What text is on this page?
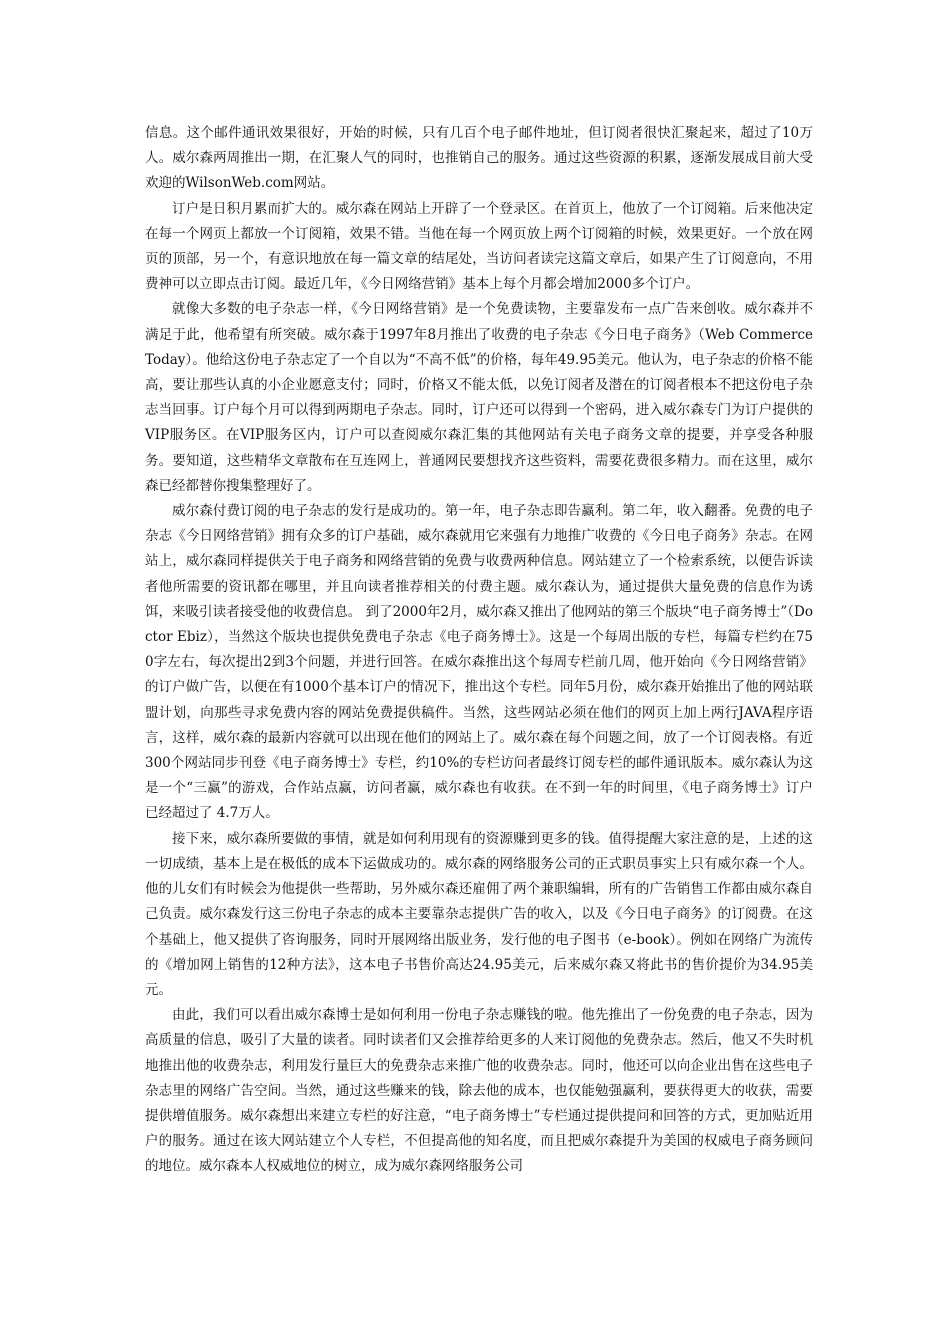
信息。这个邮件通讯效果很好，开始的时候，只有几百个电子邮件地址，但订阅者很快汇聚起来，超过了10万人。威尔森两周推出一期，在汇聚人气的同时，也推销自己的服务。通过这些资源的积累，逐渐发展成目前大受欢迎的WilsonWeb.com网站。

订户是日积月累而扩大的。威尔森在网站上开辟了一个登录区。在首页上，他放了一个订阅箱。后来他决定在每一个网页上都放一个订阅箱，效果不错。当他在每一个网页放上两个订阅箱的时候，效果更好。一个放在网页的顶部，另一个，有意识地放在每一篇文章的结尾处，当访问者读完这篇文章后，如果产生了订阅意向，不用费神可以立即点击订阅。最近几年，《今日网络营销》基本上每个月都会增加2000多个订户。

就像大多数的电子杂志一样，《今日网络营销》是一个免费读物，主要靠发布一点广告来创收。威尔森并不满足于此，他希望有所突破。威尔森于1997年8月推出了收费的电子杂志《今日电子商务》（Web Commerce Today）。他给这份电子杂志定了一个自以为“不高不低”的价格，每年49.95美元。他认为，电子杂志的价格不能高，要让那些认真的小企业愿意支付；同时，价格又不能太低，以免订阅者及潜在的订阅者根本不把这份电子杂志当回事。订户每个月可以得到两期电子杂志。同时，订户还可以得到一个密码，进入威尔森专门为订户提供的VIP服务区。在VIP服务区内，订户可以查阅威尔森汇集的其他网站有关电子商务文章的提要，并享受各种服务。要知道，这些精华文章散布在互连网上，普通网民要想找齐这些资料，需要花费很多精力。而在这里，威尔森已经都替你搜集整理好了。

威尔森付费订阅的电子杂志的发行是成功的。第一年，电子杂志即告赢利。第二年，收入翻番。免费的电子杂志《今日网络营销》拥有众多的订户基础，威尔森就用它来强有力地推广收费的《今日电子商务》杂志。在网站上，威尔森同样提供关于电子商务和网络营销的免费与收费两种信息。网站建立了一个检索系统，以便告诉读者他所需要的资讯都在哪里，并且向读者推荐相关的付费主题。威尔森认为，通过提供大量免费的信息作为诱饵，来吸引读者接受他的收费信息。 到了2000年2月，威尔森又推出了他网站的第三个版块“电子商务博士”（Doctor Ebiz），当然这个版块也提供免费电子杂志《电子商务博士》。这是一个每周出版的专栏，每篇专栏约在750字左右，每次提出2到3个问题，并进行回答。在威尔森推出这个每周专栏前几周，他开始向《今日网络营销》的订户做广告，以便在有1000个基本订户的情况下，推出这个专栏。同年5月份，威尔森开始推出了他的网站联盟计划，向那些寻求免费内容的网站免费提供稿件。当然，这些网站必须在他们的网页上加上两行JAVA程序语言，这样，威尔森的最新内容就可以出现在他们的网站上了。威尔森在每个问题之间，放了一个订阅表格。有近300个网站同步刊登《电子商务博士》专栏，约10%的专栏访问者最终订阅专栏的邮件通讯版本。威尔森认为这是一个“三赢”的游戏，合作站点赢，访问者赢，威尔森也有收获。在不到一年的时间里，《电子商务博士》订户已经超过了 4.7万人。

接下来，威尔森所要做的事情，就是如何利用现有的资源赚到更多的钱。值得提醒大家注意的是，上述的这一切成绩，基本上是在极低的成本下运做成功的。威尔森的网络服务公司的正式职员事实上只有威尔森一个人。他的儿女们有时候会为他提供一些帮助，另外威尔森还雇佣了两个兼职编辑，所有的广告销售工作都由威尔森自己负责。威尔森发行这三份电子杂志的成本主要靠杂志提供广告的收入，以及《今日电子商务》的订阅费。在这个基础上，他又提供了咨询服务，同时开展网络出版业务，发行他的电子图书（e-book）。例如在网络广为流传的《增加网上销售的12种方法》，这本电子书售价高达24.95美元，后来威尔森又将此书的售价提价为34.95美元。

由此，我们可以看出威尔森博士是如何利用一份电子杂志赚钱的啦。他先推出了一份免费的电子杂志，因为高质量的信息，吸引了大量的读者。同时读者们又会推荐给更多的人来订阅他的免费杂志。然后，他又不失时机地推出他的收费杂志，利用发行量巨大的免费杂志来推广他的收费杂志。同时，他还可以向企业出售在这些电子杂志里的网络广告空间。当然，通过这些赚来的钱，除去他的成本，也仅能勉强赢利，要获得更大的收获，需要提供增值服务。威尔森想出来建立专栏的好注意，“电子商务博士”专栏通过提供提问和回答的方式，更加贴近用户的服务。通过在该大网站建立个人专栏，不但提高他的知名度，而且把威尔森提升为美国的权威电子商务顾问的地位。威尔森本人权威地位的树立，成为威尔森网络服务公司
